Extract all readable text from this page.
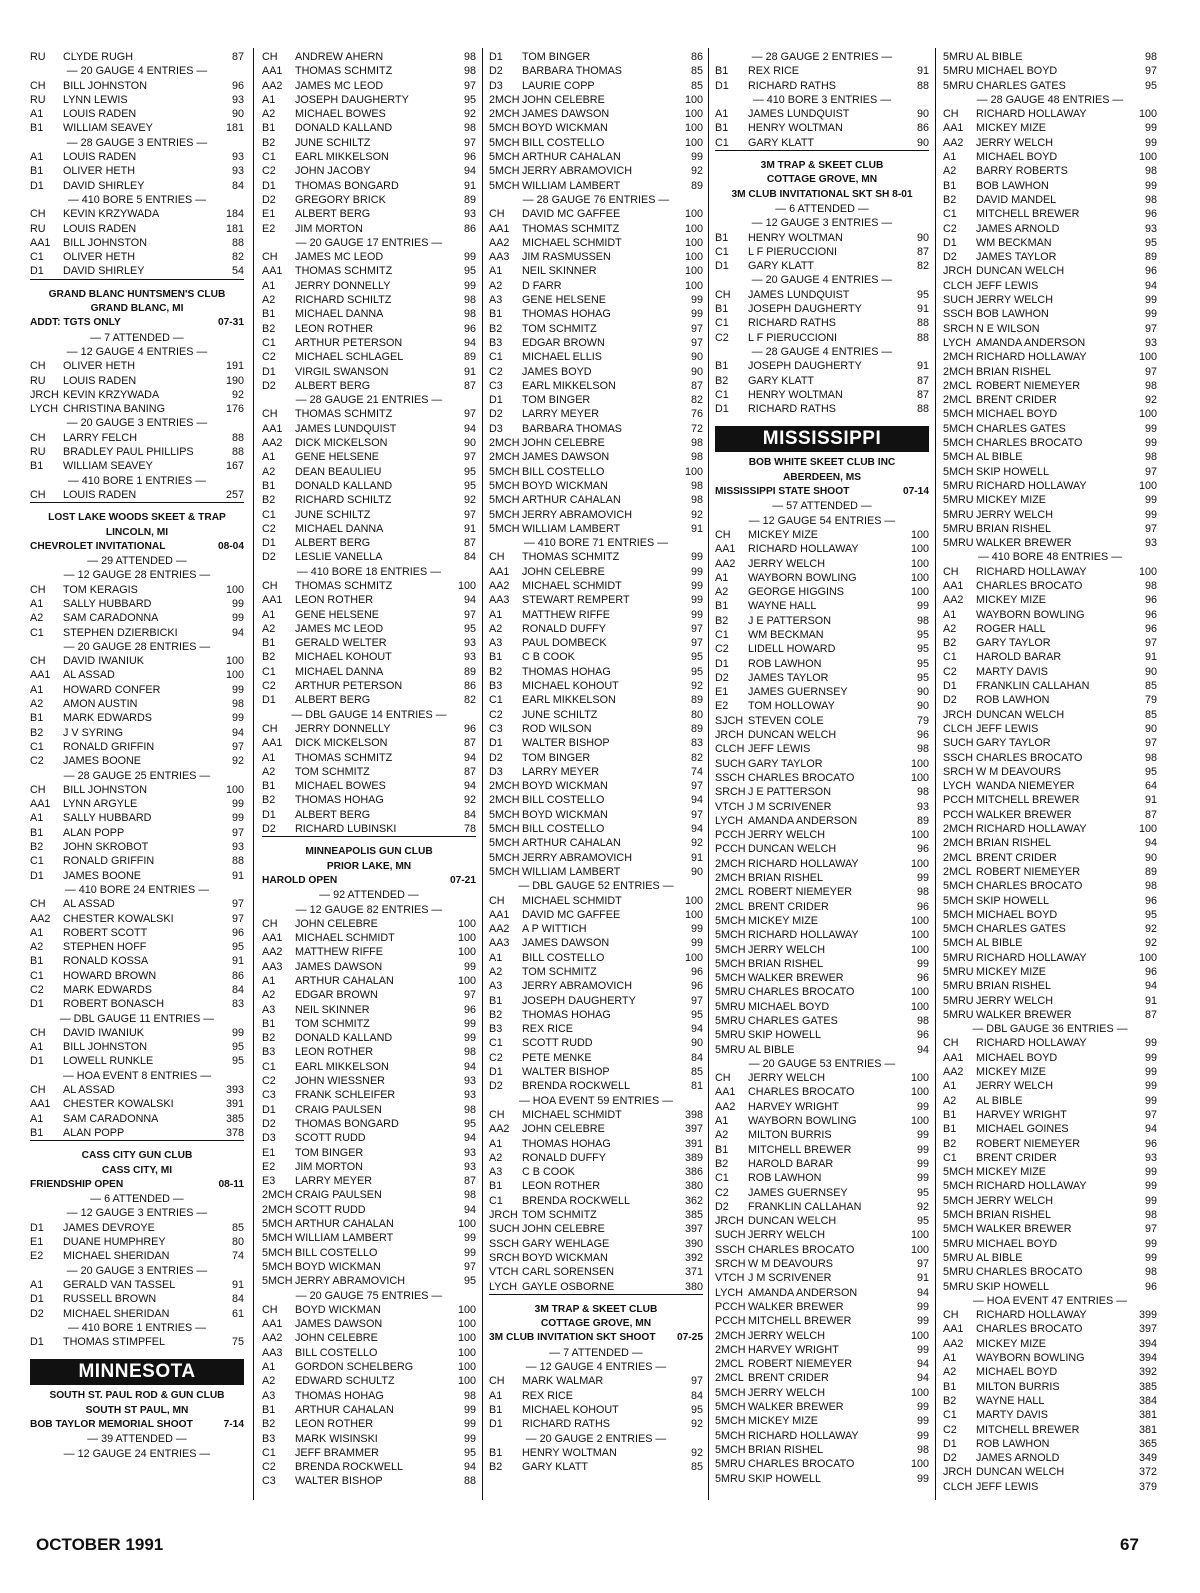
RU	CLYDE RUGH	87
— 20 GAUGE 4 ENTRIES —
CH	BILL JOHNSTON	96
RU	LYNN LEWIS	93
A1	LOUIS RADEN	90
B1	WILLIAM SEAVEY	181
— 28 GAUGE 3 ENTRIES —
A1	LOUIS RADEN	93
B1	OLIVER HETH	93
D1	DAVID SHIRLEY	84
— 410 BORE 5 ENTRIES —
CH	KEVIN KRZYWADA	184
RU	LOUIS RADEN	181
AA1	BILL JOHNSTON	88
C1	OLIVER HETH	82
D1	DAVID SHIRLEY	54
GRAND BLANC HUNTSMEN'S CLUB
GRAND BLANC, MI
ADDT: TGTS ONLY	07-31
— 7 ATTENDED —
— 12 GAUGE 4 ENTRIES —
CH	OLIVER HETH	191
RU	LOUIS RADEN	190
JRCH KEVIN KRZYWADA	92
LYCH CHRISTINA BANING	176
— 20 GAUGE 3 ENTRIES —
CH	LARRY FELCH	88
RU	BRADLEY PAUL PHILLIPS	88
B1	WILLIAM SEAVEY	167
— 410 BORE 1 ENTRIES —
CH	LOUIS RADEN	257
LOST LAKE WOODS SKEET & TRAP
LINCOLN, MI
CHEVROLET INVITATIONAL	08-04
— 29 ATTENDED —
— 12 GAUGE 28 ENTRIES —
CH	TOM KERAGIS	100
A1	SALLY HUBBARD	99
A2	SAM CARADONNA	99
C1	STEPHEN DZIERBICKI	94
— 20 GAUGE 28 ENTRIES —
CH	DAVID IWANIUK	100
AA1	AL ASSAD	100
A1	HOWARD CONFER	99
A2	AMON AUSTIN	98
B1	MARK EDWARDS	99
B2	J V SYRING	94
C1	RONALD GRIFFIN	97
C2	JAMES BOONE	92
— 28 GAUGE 25 ENTRIES —
CH	BILL JOHNSTON	100
AA1	LYNN ARGYLE	99
A1	SALLY HUBBARD	99
B1	ALAN POPP	97
B2	JOHN SKROBOT	93
C1	RONALD GRIFFIN	88
D1	JAMES BOONE	91
— 410 BORE 24 ENTRIES —
CH	AL ASSAD	97
AA2	CHESTER KOWALSKI	97
A1	ROBERT SCOTT	96
A2	STEPHEN HOFF	95
B1	RONALD KOSSA	91
C1	HOWARD BROWN	86
C2	MARK EDWARDS	84
D1	ROBERT BONASCH	83
— DBL GAUGE 11 ENTRIES —
CH	DAVID IWANIUK	99
A1	BILL JOHNSTON	95
D1	LOWELL RUNKLE	95
— HOA EVENT 8 ENTRIES —
CH	AL ASSAD	393
AA1	CHESTER KOWALSKI	391
A1	SAM CARADONNA	385
B1	ALAN POPP	378
CASS CITY GUN CLUB
CASS CITY, MI
FRIENDSHIP OPEN	08-11
— 6 ATTENDED —
— 12 GAUGE 3 ENTRIES —
D1	JAMES DEVROYE	85
E1	DUANE HUMPHREY	80
E2	MICHAEL SHERIDAN	74
— 20 GAUGE 3 ENTRIES —
A1	GERALD VAN TASSEL	91
D1	RUSSELL BROWN	84
D2	MICHAEL SHERIDAN	61
— 410 BORE 1 ENTRIES —
D1	THOMAS STIMPFEL	75
MINNESOTA
SOUTH ST. PAUL ROD & GUN CLUB
SOUTH ST PAUL, MN
BOB TAYLOR MEMORIAL SHOOT	7-14
— 39 ATTENDED —
— 12 GAUGE 24 ENTRIES —
CH	ANDREW AHERN	98
AA1	THOMAS SCHMITZ	98
AA2	JAMES MC LEOD	97
A1	JOSEPH DAUGHERTY	95
A2	MICHAEL BOWES	92
B1	DONALD KALLAND	98
B2	JUNE SCHILTZ	97
C1	EARL MIKKELSON	96
C2	JOHN JACOBY	94
D1	THOMAS BONGARD	91
D2	GREGORY BRICK	89
E1	ALBERT BERG	93
E2	JIM MORTON	86
— 20 GAUGE 17 ENTRIES —
CH	JAMES MC LEOD	99
AA1	THOMAS SCHMITZ	95
A1	JERRY DONNELLY	99
A2	RICHARD SCHILTZ	98
B1	MICHAEL DANNA	98
B2	LEON ROTHER	96
C1	ARTHUR PETERSON	94
C2	MICHAEL SCHLAGEL	89
D1	VIRGIL SWANSON	91
D2	ALBERT BERG	87
— 28 GAUGE 21 ENTRIES —
CH	THOMAS SCHMITZ	97
AA1	JAMES LUNDQUIST	94
AA2	DICK MICKELSON	90
A1	GENE HELSENE	97
A2	DEAN BEAULIEU	95
B1	DONALD KALLAND	95
B2	RICHARD SCHILTZ	92
C1	JUNE SCHILTZ	97
C2	MICHAEL DANNA	91
D1	ALBERT BERG	87
D2	LESLIE VANELLA	84
— 410 BORE 18 ENTRIES —
CH	THOMAS SCHMITZ	100
AA1	LEON ROTHER	94
A1	GENE HELSENE	97
A2	JAMES MC LEOD	95
B1	GERALD WELTER	93
B2	MICHAEL KOHOUT	93
C1	MICHAEL DANNA	89
C2	ARTHUR PETERSON	86
D1	ALBERT BERG	82
— DBL GAUGE 14 ENTRIES —
CH	JERRY DONNELLY	96
AA1	DICK MICKELSON	87
A1	THOMAS SCHMITZ	94
A2	TOM SCHMITZ	87
B1	MICHAEL BOWES	94
B2	THOMAS HOHAG	92
D1	ALBERT BERG	84
D2	RICHARD LUBINSKI	78
MINNEAPOLIS GUN CLUB
PRIOR LAKE, MN
HAROLD OPEN	07-21
— 92 ATTENDED —
— 12 GAUGE 82 ENTRIES —
CH	JOHN CELEBRE	100
AA1	MICHAEL SCHMIDT	100
AA2	MATTHEW RIFFE	100
AA3	JAMES DAWSON	99
A1	ARTHUR CAHALAN	100
A2	EDGAR BROWN	97
A3	NEIL SKINNER	96
B1	TOM SCHMITZ	99
B2	DONALD KALLAND	99
B3	LEON ROTHER	98
C1	EARL MIKKELSON	94
C2	JOHN WIESSNER	93
C3	FRANK SCHLEIFER	93
D1	CRAIG PAULSEN	98
D2	THOMAS BONGARD	95
D3	SCOTT RUDD	94
E1	TOM BINGER	93
E2	JIM MORTON	93
E3	LARRY MEYER	87
2MCH CRAIG PAULSEN	98
2MCH SCOTT RUDD	94
5MCH ARTHUR CAHALAN	100
5MCH WILLIAM LAMBERT	99
5MCH BILL COSTELLO	99
5MCH BOYD WICKMAN	97
5MCH JERRY ABRAMOVICH	95
— 20 GAUGE 75 ENTRIES —
CH	BOYD WICKMAN	100
AA1	JAMES DAWSON	100
AA2	JOHN CELEBRE	100
AA3	BILL COSTELLO	100
A1	GORDON SCHELBERG	100
A2	EDWARD SCHULTZ	100
A3	THOMAS HOHAG	98
B1	ARTHUR CAHALAN	99
B2	LEON ROTHER	99
B3	MARK WISINSKI	99
C1	JEFF BRAMMER	95
C2	BRENDA ROCKWELL	94
C3	WALTER BISHOP	88
D1	TOM BINGER	86
D2	BARBARA THOMAS	85
D3	LAURIE COPP	85
2MCH JOHN CELEBRE	100
2MCH JAMES DAWSON	100
5MCH BOYD WICKMAN	100
5MCH BILL COSTELLO	100
5MCH ARTHUR CAHALAN	99
5MCH JERRY ABRAMOVICH	92
5MCH WILLIAM LAMBERT	89
— 28 GAUGE 76 ENTRIES —
CH	DAVID MC GAFFEE	100
AA1	THOMAS SCHMITZ	100
AA2	MICHAEL SCHMIDT	100
AA3	JIM RASMUSSEN	100
A1	NEIL SKINNER	100
A2	D FARR	100
A3	GENE HELSENE	99
B1	THOMAS HOHAG	99
B2	TOM SCHMITZ	97
B3	EDGAR BROWN	97
C1	MICHAEL ELLIS	90
C2	JAMES BOYD	90
C3	EARL MIKKELSON	87
D1	TOM BINGER	82
D2	LARRY MEYER	76
D3	BARBARA THOMAS	72
2MCH JOHN CELEBRE	98
2MCH JAMES DAWSON	98
5MCH BILL COSTELLO	100
5MCH BOYD WICKMAN	98
5MCH ARTHUR CAHALAN	98
5MCH JERRY ABRAMOVICH	92
5MCH WILLIAM LAMBERT	91
— 410 BORE 71 ENTRIES —
CH	THOMAS SCHMITZ	99
AA1	JOHN CELEBRE	99
AA2	MICHAEL SCHMIDT	99
AA3	STEWART REMPERT	99
A1	MATTHEW RIFFE	99
A2	RONALD DUFFY	97
A3	PAUL DOMBECK	97
B1	C B COOK	95
B2	THOMAS HOHAG	95
B3	MICHAEL KOHOUT	92
C1	EARL MIKKELSON	89
C2	JUNE SCHILTZ	80
C3	ROD WILSON	89
D1	WALTER BISHOP	83
D2	TOM BINGER	82
D3	LARRY MEYER	74
2MCH BOYD WICKMAN	97
2MCH BILL COSTELLO	94
5MCH BOYD WICKMAN	97
5MCH BILL COSTELLO	94
5MCH ARTHUR CAHALAN	92
5MCH JERRY ABRAMOVICH	91
5MCH WILLIAM LAMBERT	90
— DBL GAUGE 52 ENTRIES —
CH	MICHAEL SCHMIDT	100
AA1	DAVID MC GAFFEE	100
AA2	A P WITTICH	99
AA3	JAMES DAWSON	99
A1	BILL COSTELLO	100
A2	TOM SCHMITZ	96
A3	JERRY ABRAMOVICH	96
B1	JOSEPH DAUGHERTY	97
B2	THOMAS HOHAG	95
B3	REX RICE	94
C1	SCOTT RUDD	90
C2	PETE MENKE	84
D1	WALTER BISHOP	85
D2	BRENDA ROCKWELL	81
— HOA EVENT 59 ENTRIES —
CH	MICHAEL SCHMIDT	398
AA2	JOHN CELEBRE	397
A1	THOMAS HOHAG	391
A2	RONALD DUFFY	389
A3	C B COOK	386
B1	LEON ROTHER	380
C1	BRENDA ROCKWELL	362
JRCH TOM SCHMITZ	385
SUCH JOHN CELEBRE	397
SSCH GARY WEHLAGE	390
SRCH BOYD WICKMAN	392
VTCH CARL SORENSEN	371
LYCH GAYLE OSBORNE	380
3M TRAP & SKEET CLUB
COTTAGE GROVE, MN
3M CLUB INVITATION SKT SHOOT 07-25
— 7 ATTENDED —
— 12 GAUGE 4 ENTRIES —
CH	MARK WALMAR	97
A1	REX RICE	84
B1	MICHAEL KOHOUT	95
D1	RICHARD RATHS	92
— 20 GAUGE 2 ENTRIES —
B1	HENRY WOLTMAN	92
B2	GARY KLATT	85
— 28 GAUGE 2 ENTRIES —
B1	REX RICE	91
D1	RICHARD RATHS	88
— 410 BORE 3 ENTRIES —
A1	JAMES LUNDQUIST	90
B1	HENRY WOLTMAN	86
C1	GARY KLATT	90
3M TRAP & SKEET CLUB
COTTAGE GROVE, MN
3M CLUB INVITATIONAL SKT SH 8-01
— 6 ATTENDED —
— 12 GAUGE 3 ENTRIES —
B1	HENRY WOLTMAN	90
C1	L F PIERUCCIONI	87
D1	GARY KLATT	82
— 20 GAUGE 4 ENTRIES —
CH	JAMES LUNDQUIST	95
B1	JOSEPH DAUGHERTY	91
C1	RICHARD RATHS	88
C2	L F PIERUCCIONI	88
— 28 GAUGE 4 ENTRIES —
B1	JOSEPH DAUGHERTY	91
B2	GARY KLATT	87
C1	HENRY WOLTMAN	87
D1	RICHARD RATHS	88
MISSISSIPPI
BOB WHITE SKEET CLUB INC
ABERDEEN, MS
MISSISSIPPI STATE SHOOT	07-14
— 57 ATTENDED —
— 12 GAUGE 54 ENTRIES —
CH	MICKEY MIZE	100
AA1	RICHARD HOLLAWAY	100
AA2	JERRY WELCH	100
A1	WAYBORN BOWLING	100
A2	GEORGE HIGGINS	100
B1	WAYNE HALL	99
B2	J E PATTERSON	98
C1	WM BECKMAN	95
C2	LIDELL HOWARD	95
D1	ROB LAWHON	95
D2	JAMES TAYLOR	95
E1	JAMES GUERNSEY	90
E2	TOM HOLLOWAY	90
SJCH STEVEN COLE	79
JRCH DUNCAN WELCH	96
CLCH JEFF LEWIS	98
SUCH GARY TAYLOR	100
SSCH CHARLES BROCATO	100
SRCH J E PATTERSON	98
VTCH J M SCRIVENER	93
LYCH AMANDA ANDERSON	89
PCCH JERRY WELCH	100
PCCH DUNCAN WELCH	96
2MCH RICHARD HOLLAWAY	100
2MCH BRIAN RISHEL	99
2MCL ROBERT NIEMEYER	98
2MCL BRENT CRIDER	96
5MCH MICKEY MIZE	100
5MCH RICHARD HOLLAWAY	100
5MCH JERRY WELCH	100
5MCH BRIAN RISHEL	99
5MCH WALKER BREWER	96
5MRU CHARLES BROCATO	100
5MRU MICHAEL BOYD	100
5MRU CHARLES GATES	98
5MRU SKIP HOWELL	96
5MRU AL BIBLE	94
— 20 GAUGE 53 ENTRIES —
CH	JERRY WELCH	100
AA1	CHARLES BROCATO	100
AA2	HARVEY WRIGHT	99
A1	WAYBORN BOWLING	100
A2	MILTON BURRIS	99
B1	MITCHELL BREWER	99
B2	HAROLD BARAR	99
C1	ROB LAWHON	99
C2	JAMES GUERNSEY	95
D2	FRANKLIN CALLAHAN	92
JRCH DUNCAN WELCH	95
SUCH JERRY WELCH	100
SSCH CHARLES BROCATO	100
SRCH W M DEAVOURS	97
VTCH J M SCRIVENER	91
LYCH AMANDA ANDERSON	94
PCCH WALKER BREWER	99
PCCH MITCHELL BREWER	99
2MCH JERRY WELCH	100
2MCH HARVEY WRIGHT	99
2MCL ROBERT NIEMEYER	94
2MCL BRENT CRIDER	94
5MCH JERRY WELCH	100
5MCH WALKER BREWER	99
5MCH MICKEY MIZE	99
5MCH RICHARD HOLLAWAY	99
5MCH BRIAN RISHEL	98
5MRU CHARLES BROCATO	100
5MRU SKIP HOWELL	99
5MRU AL BIBLE	98
5MRU MICHAEL BOYD	97
5MRU CHARLES GATES	95
— 28 GAUGE 48 ENTRIES —
CH	RICHARD HOLLAWAY	100
AA1	MICKEY MIZE	99
AA2	JERRY WELCH	99
A1	MICHAEL BOYD	100
A2	BARRY ROBERTS	98
B1	BOB LAWHON	99
B2	DAVID MANDEL	98
C1	MITCHELL BREWER	96
C2	JAMES ARNOLD	93
D1	WM BECKMAN	95
D2	JAMES TAYLOR	89
JRCH DUNCAN WELCH	96
CLCH JEFF LEWIS	94
SUCH JERRY WELCH	99
SSCH BOB LAWHON	99
SRCH N E WILSON	97
LYCH AMANDA ANDERSON	93
2MCH RICHARD HOLLAWAY	100
2MCH BRIAN RISHEL	97
2MCL ROBERT NIEMEYER	98
2MCL BRENT CRIDER	92
5MCH MICHAEL BOYD	100
5MCH CHARLES GATES	99
5MCH CHARLES BROCATO	99
5MCH AL BIBLE	98
5MCH SKIP HOWELL	97
5MRU RICHARD HOLLAWAY	100
5MRU MICKEY MIZE	99
5MRU JERRY WELCH	99
5MRU BRIAN RISHEL	97
5MRU WALKER BREWER	93
— 410 BORE 48 ENTRIES —
CH	RICHARD HOLLAWAY	100
AA1	CHARLES BROCATO	98
AA2	MICKEY MIZE	96
A1	WAYBORN BOWLING	96
A2	ROGER HALL	96
B2	GARY TAYLOR	97
C1	HAROLD BARAR	91
C2	MARTY DAVIS	90
D1	FRANKLIN CALLAHAN	85
D2	ROB LAWHON	79
JRCH DUNCAN WELCH	85
CLCH JEFF LEWIS	90
SUCH GARY TAYLOR	97
SSCH CHARLES BROCATO	98
SRCH W M DEAVOURS	95
LYCH WANDA NIEMEYER	64
PCCH MITCHELL BREWER	91
PCCH WALKER BREWER	87
2MCH RICHARD HOLLAWAY	100
2MCH BRIAN RISHEL	94
2MCL BRENT CRIDER	90
2MCL ROBERT NIEMEYER	89
5MCH CHARLES BROCATO	98
5MCH SKIP HOWELL	96
5MCH MICHAEL BOYD	95
5MCH CHARLES GATES	92
5MCH AL BIBLE	92
5MRU RICHARD HOLLAWAY	100
5MRU MICKEY MIZE	96
5MRU BRIAN RISHEL	94
5MRU JERRY WELCH	91
5MRU WALKER BREWER	87
— DBL GAUGE 36 ENTRIES —
CH	RICHARD HOLLAWAY	99
AA1	MICHAEL BOYD	99
AA2	MICKEY MIZE	99
A1	JERRY WELCH	99
A2	AL BIBLE	99
B1	HARVEY WRIGHT	97
B1	MICHAEL GOINES	94
B2	ROBERT NIEMEYER	96
C1	BRENT CRIDER	93
5MCH MICKEY MIZE	99
5MCH RICHARD HOLLAWAY	99
5MCH JERRY WELCH	99
5MCH BRIAN RISHEL	98
5MCH WALKER BREWER	97
5MRU MICHAEL BOYD	99
5MRU AL BIBLE	99
5MRU CHARLES BROCATO	98
5MRU SKIP HOWELL	96
— HOA EVENT 47 ENTRIES —
CH	RICHARD HOLLAWAY	399
AA1	CHARLES BROCATO	397
AA2	MICKEY MIZE	394
A1	WAYBORN BOWLING	394
A2	MICHAEL BOYD	392
B1	MILTON BURRIS	385
B2	WAYNE HALL	384
C1	MARTY DAVIS	381
C2	MITCHELL BREWER	381
D1	ROB LAWHON	365
D2	JAMES ARNOLD	349
JRCH DUNCAN WELCH	372
CLCH JEFF LEWIS	379
OCTOBER 1991	67
